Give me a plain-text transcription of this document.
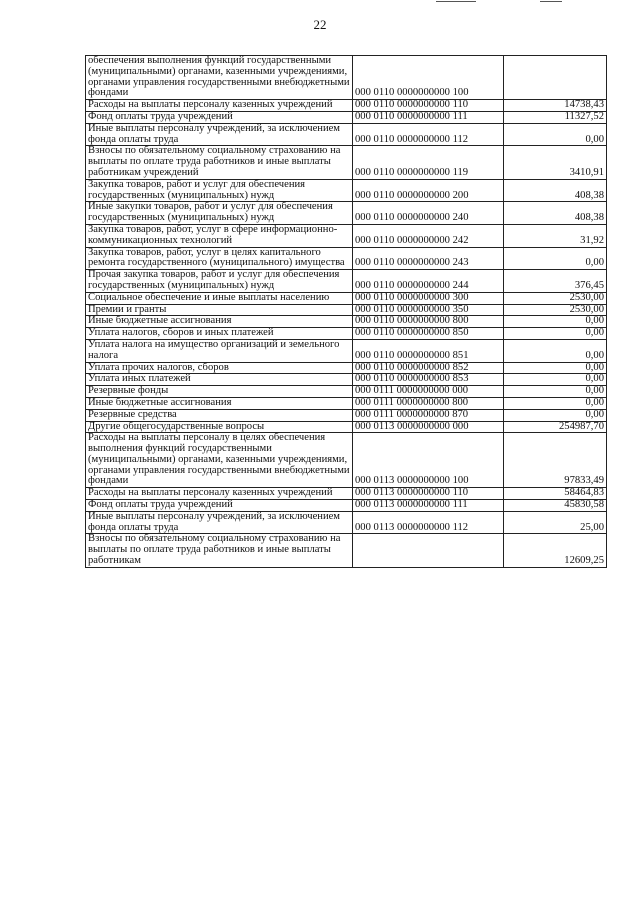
22
обеспечения выполнения функций государственными (муниципальными) органами, казенными учреждениями, органами управления государственными внебюджетными фондами	000 0110 0000000000 100	
Расходы на выплаты персоналу казенных учреждений	000 0110 0000000000 110	14738,43
Фонд оплаты труда учреждений	000 0110 0000000000 111	11327,52
Иные выплаты персоналу учреждений, за исключением фонда оплаты труда	000 0110 0000000000 112	0,00
Взносы по обязательному социальному страхованию на выплаты по оплате труда работников и иные выплаты работникам учреждений	000 0110 0000000000 119	3410,91
Закупка товаров, работ и услуг для обеспечения государственных (муниципальных) нужд	000 0110 0000000000 200	408,38
Иные закупки товаров, работ и услуг для обеспечения государственных (муниципальных) нужд	000 0110 0000000000 240	408,38
Закупка товаров, работ, услуг в сфере информационно-коммуникационных технологий	000 0110 0000000000 242	31,92
Закупка товаров, работ, услуг в целях капитального ремонта государственного (муниципального) имущества	000 0110 0000000000 243	0,00
Прочая закупка товаров, работ и услуг для обеспечения государственных (муниципальных) нужд	000 0110 0000000000 244	376,45
Социальное обеспечение и иные выплаты населению	000 0110 0000000000 300	2530,00
Премии и гранты	000 0110 0000000000 350	2530,00
Иные бюджетные ассигнования	000 0110 0000000000 800	0,00
Уплата налогов, сборов и иных платежей	000 0110 0000000000 850	0,00
Уплата налога на имущество организаций и земельного налога	000 0110 0000000000 851	0,00
Уплата прочих налогов, сборов	000 0110 0000000000 852	0,00
Уплата иных платежей	000 0110 0000000000 853	0,00
Резервные фонды	000 0111 0000000000 000	0,00
Иные бюджетные ассигнования	000 0111 0000000000 800	0,00
Резервные средства	000 0111 0000000000 870	0,00
Другие общегосударственные вопросы	000 0113 0000000000 000	254987,70
Расходы на выплаты персоналу в целях обеспечения выполнения функций государственными (муниципальными) органами, казенными учреждениями, органами управления государственными внебюджетными фондами	000 0113 0000000000 100	97833,49
Расходы на выплаты персоналу казенных учреждений	000 0113 0000000000 110	58464,83
Фонд оплаты труда учреждений	000 0113 0000000000 111	45830,58
Иные выплаты персоналу учреждений, за исключением фонда оплаты труда	000 0113 0000000000 112	25,00
Взносы по обязательному социальному страхованию на выплаты по оплате труда работников и иные выплаты работникам		12609,25
